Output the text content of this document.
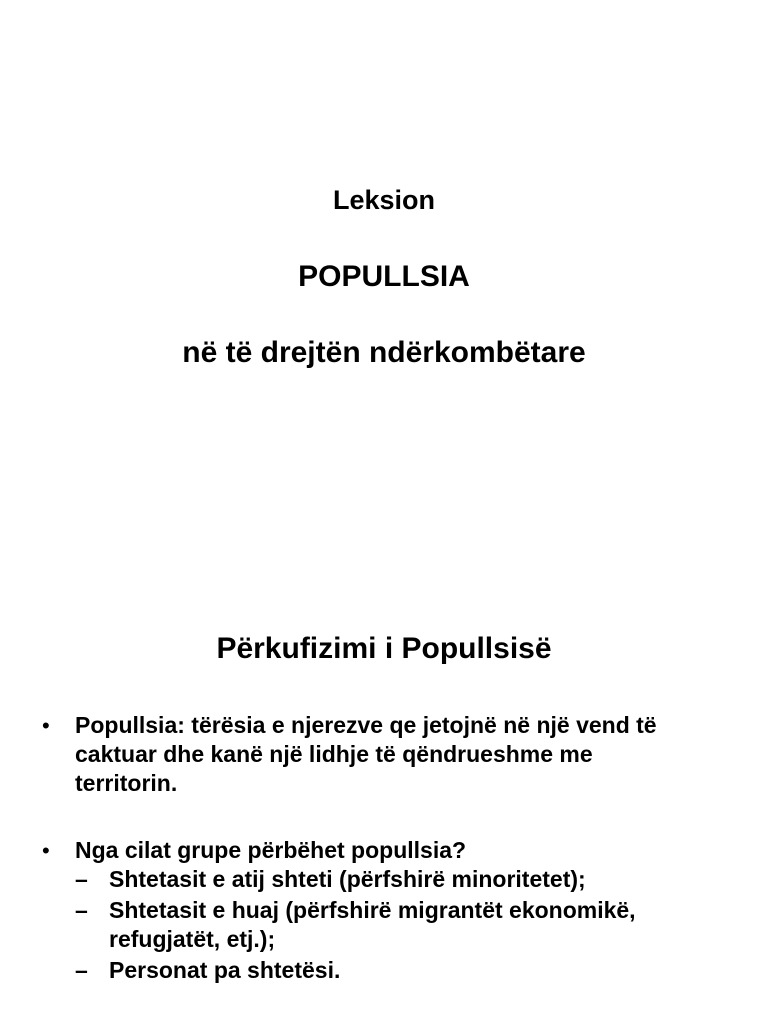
Leksion
POPULLSIA
në të drejtën ndërkombëtare
Përkufizimi i Popullsisë
• Popullsia: tërësia e njerezve qe jetojnë në një vend të
caktuar dhe kanë një lidhje të qëndrueshme me
territorin.
• Nga cilat grupe përbëhet popullsia?
– Shtetasit e atij shteti (përfshirë minoritetet);
– Shtetasit e huaj (përfshirë migrantët ekonomikë,
refugjatët, etj.);
– Personat pa shtetësi.
